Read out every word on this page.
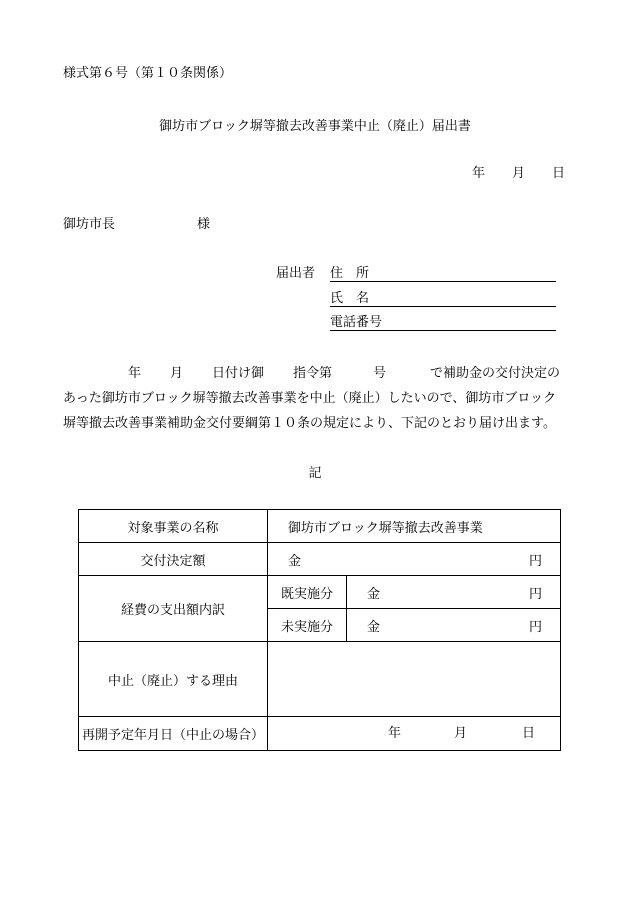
様式第６号（第１０条関係）
御坊市ブロック塀等撤去改善事業中止（廃止）届出書
年 月 日
御坊市長	様
届出者 住　所
氏　名
電話番号
年 月 日付け御 指令第	号	で補助金の交付決定の
あった御坊市ブロック塀等撤去改善事業を中止（廃止）したいので、御坊市ブロック
塀等撤去改善事業補助金交付要綱第１０条の規定により、下記のとおり届け出ます。
記
対象事業の名称	御坊市ブロック塀等撤去改善事業	
交付決定額	金 円	

経費の支出額内訳	既実施分	金 円

	未実施分	金 円

中止（廃止）する理由		
再開予定年月日（中止の場合）	年 月 日	
